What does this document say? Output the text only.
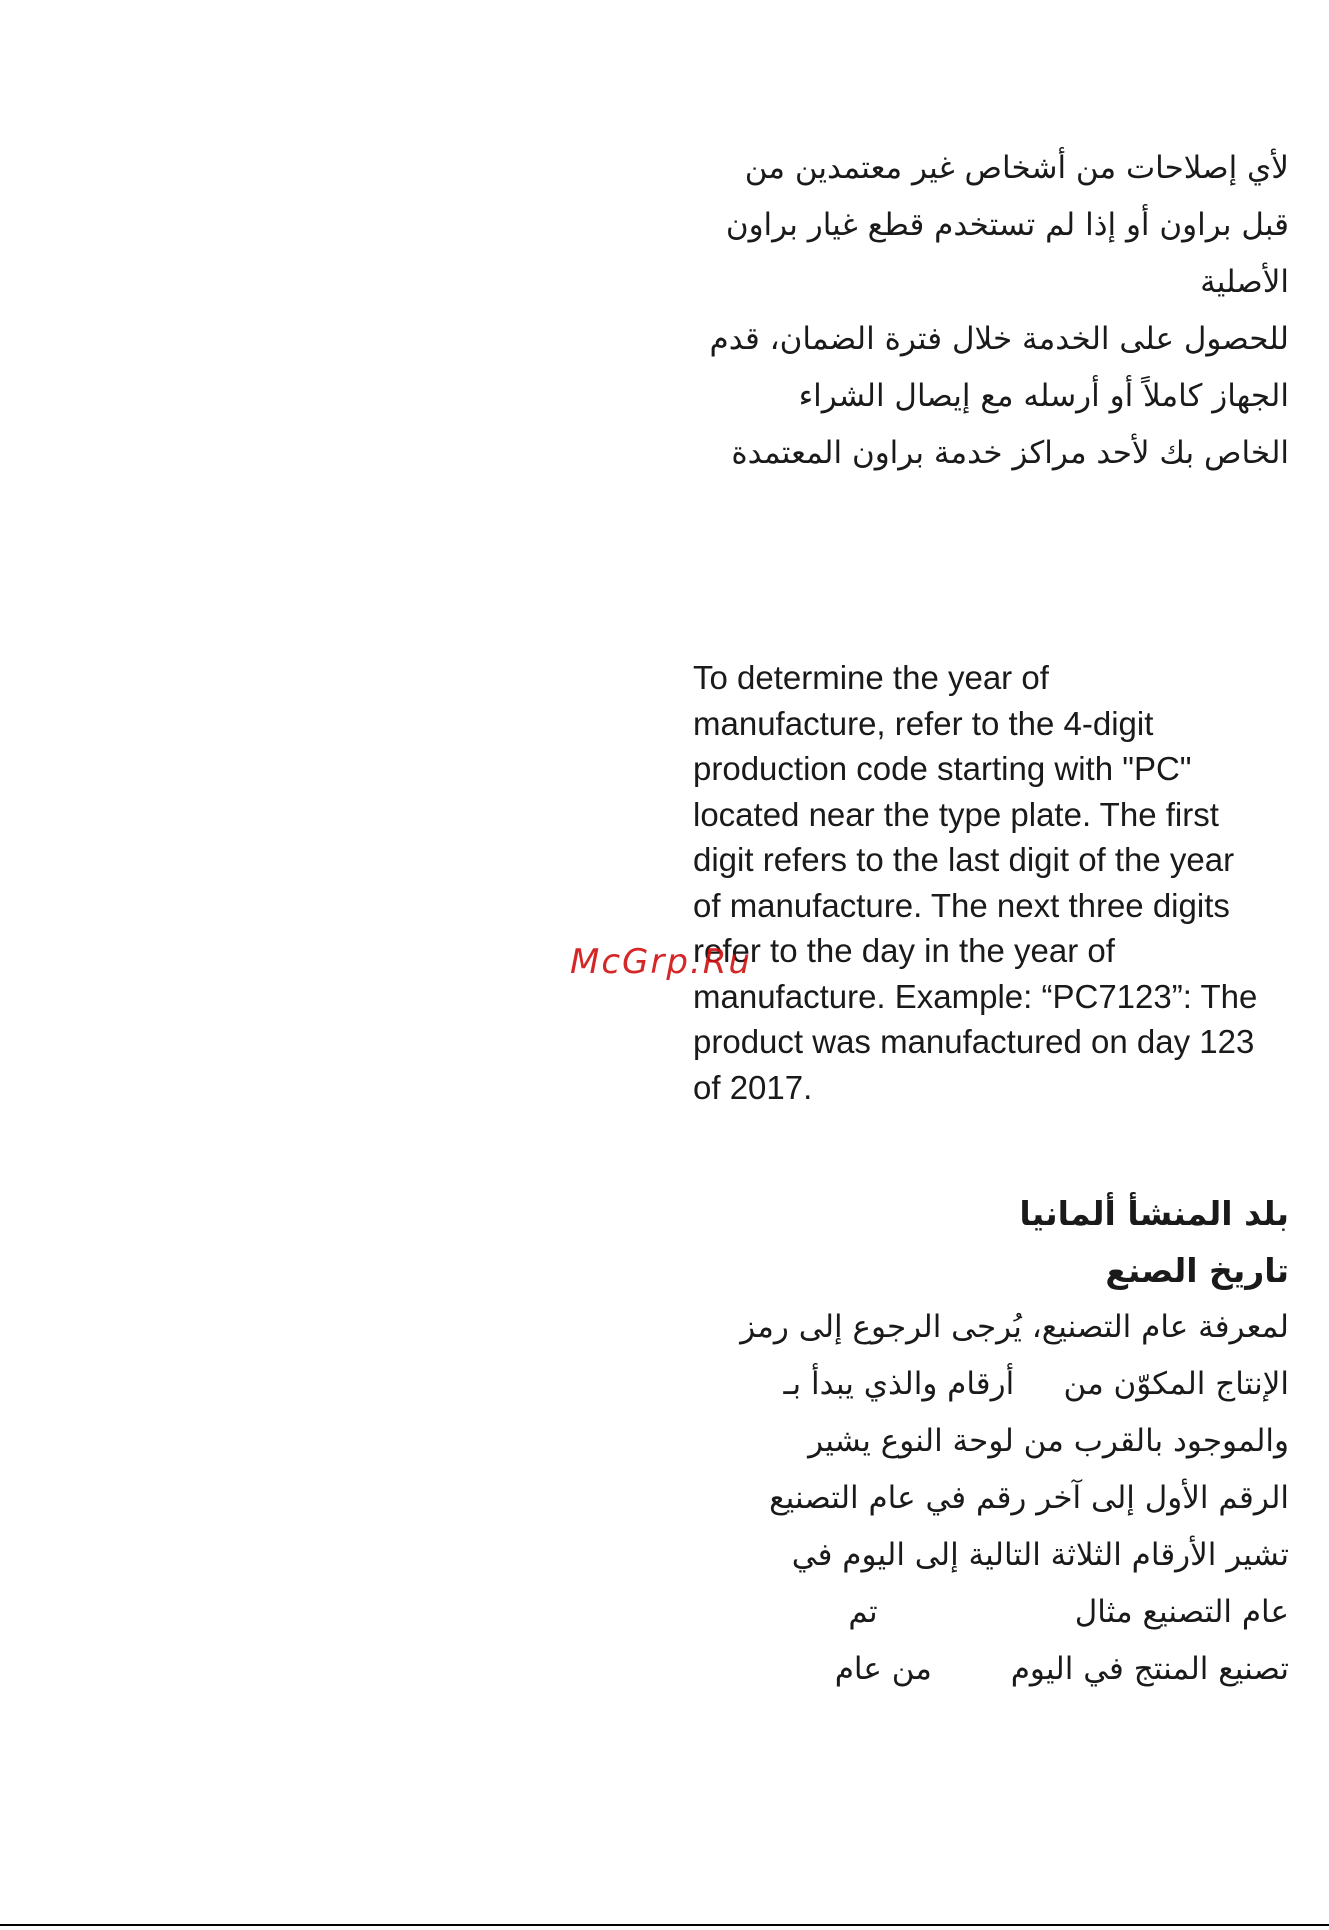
لأي إصلاحات من أشخاص غير معتمدين من
قبل براون أو إذا لم تستخدم قطع غيار براون
الأصلية
للحصول على الخدمة خلال فترة الضمان، قدم
الجهاز كاملاً أو أرسله مع إيصال الشراء
الخاص بك لأحد مراكز خدمة براون المعتمدة
To determine the year of
manufacture, refer to the 4-digit
production code starting with "PC"
located near the type plate. The first
digit refers to the last digit of the year
of manufacture. The next three digits
refer to the day in the year of
manufacture. Example: “PC7123”: The
product was manufactured on day 123
of 2017.
McGrp.Ru
بلد المنشأ ألمانيا
تاريخ الصنع
لمعرفة عام التصنيع، يُرجى الرجوع إلى رمز
الإنتاج المكوّن من     أرقام والذي يبدأ بـ
والموجود بالقرب من لوحة النوع يشير
الرقم الأول إلى آخر رقم في عام التصنيع
تشير الأرقام الثلاثة التالية إلى اليوم في
عام التصنيع مثال                    تم
تصنيع المنتج في اليوم        من عام
